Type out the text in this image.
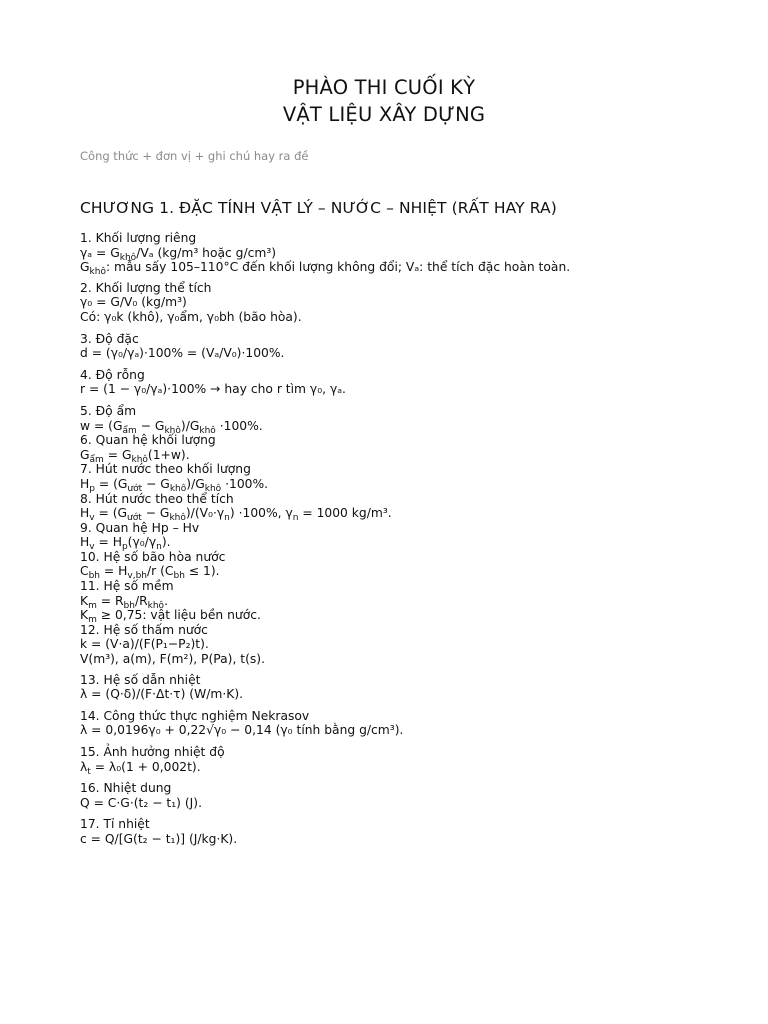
PHÀO THI CUỐI KỲ
VẬT LIỆU XÂY DỰNG
Công thức + đơn vị + ghi chú hay ra đề
CHƯƠNG 1. ĐẶC TÍNH VẬT LÝ – NƯỚC – NHIỆT (RẤT HAY RA)
1. Khối lượng riêng
$\gamma_a = G_{khô}/V_a$ (kg/m³ hoặc g/cm³)
$G_{khô}$: mẫu sấy 105–110°C đến khối lượng không đổi; Vₐ: thể tích đặc hoàn toàn.
2. Khối lượng thể tích
γ₀ = G/V₀ (kg/m³)
Có: γ₀k (khô), γ₀ẩm, γ₀bh (bão hòa).
3. Độ đặc
d = (γ₀/γₐ)·100% = (Vₐ/V₀)·100%.
4. Độ rỗng
r = (1 − γ₀/γₐ)·100% → hay cho r tìm γ₀, γₐ.
5. Độ ẩm
$w = (G_{ẩm} - G_{khô})/G_{khô} \cdot 100\%$.
6. Quan hệ khối lượng
$G_{ẩm} = G_{khô}(1+w)$.
7. Hút nước theo khối lượng
$H_p = (G_{ướt} - G_{khô})/G_{khô} \cdot 100\%$.
8. Hút nước theo thể tích
$H_v = (G_{ướt} - G_{khô})/(V_0\cdot\gamma_n) \cdot 100\%$, $\gamma_n = 1000$ kg/m³.
9. Quan hệ Hp – Hv
$H_v = H_p(\gamma_0/\gamma_n)$.
10. Hệ số bão hòa nước
$C_{bh} = H_{v,bh}/r$ $(C_{bh} \le 1)$.
11. Hệ số mềm
$K_m = R_{bh}/R_{khô}$.
$K_m \ge 0,75$: vật liệu bền nước.
12. Hệ số thấm nước
k = (V·a)/(F(P₁−P₂)t).
V(m³), a(m), F(m²), P(Pa), t(s).
13. Hệ số dẫn nhiệt
λ = (Q·δ)/(F·Δt·τ) (W/m·K).
14. Công thức thực nghiệm Nekrasov
λ = 0,0196γ₀ + 0,22√γ₀ − 0,14 (γ₀ tính bằng g/cm³).
15. Ảnh hưởng nhiệt độ
$\lambda_t = \lambda_0(1 + 0,002t)$.
16. Nhiệt dung
Q = C·G·(t₂ − t₁) (J).
17. Tỉ nhiệt
c = Q/[G(t₂ − t₁)] (J/kg·K).
